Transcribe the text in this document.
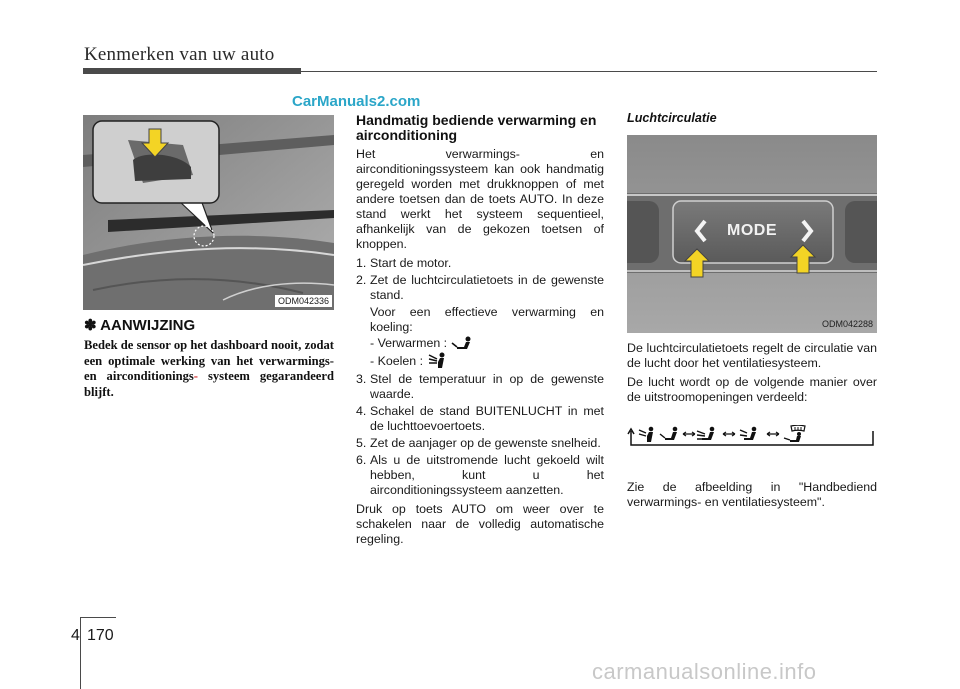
Kenmerken van uw auto
CarManuals2.com
ODM042336
✽ AANWIJZING
Bedek de sensor op het dashboard nooit, zodat een optimale werking van het verwarmings- en airconditionings- systeem gegarandeerd blijft.
Handmatig bediende verwarming en airconditioning
Het verwarmings- en airconditioningssysteem kan ook handmatig geregeld worden met drukknoppen of met andere toetsen dan de toets AUTO. In deze stand werkt het systeem sequentieel, afhankelijk van de gekozen toetsen of knoppen.
1. Start de motor.
2. Zet de luchtcirculatietoets in de gewenste stand.
Voor een effectieve verwarming en koeling:
- Verwarmen :
- Koelen :
3. Stel de temperatuur in op de gewenste waarde.
4. Schakel de stand BUITENLUCHT in met de luchttoevoertoets.
5. Zet de aanjager op de gewenste snelheid.
6. Als u de uitstromende lucht gekoeld wilt hebben, kunt u het airconditioningssysteem aanzetten.
Druk op toets AUTO om weer over te schakelen naar de volledig automatische regeling.
Luchtcirculatie
MODE
ODM042288
De luchtcirculatietoets regelt de circulatie van de lucht door het ventilatiesysteem.
De lucht wordt op de volgende manier over de uitstroomopeningen verdeeld:
Zie de afbeelding in "Handbediend verwarmings- en ventilatiesysteem".
4 170
carmanualsonline.info
